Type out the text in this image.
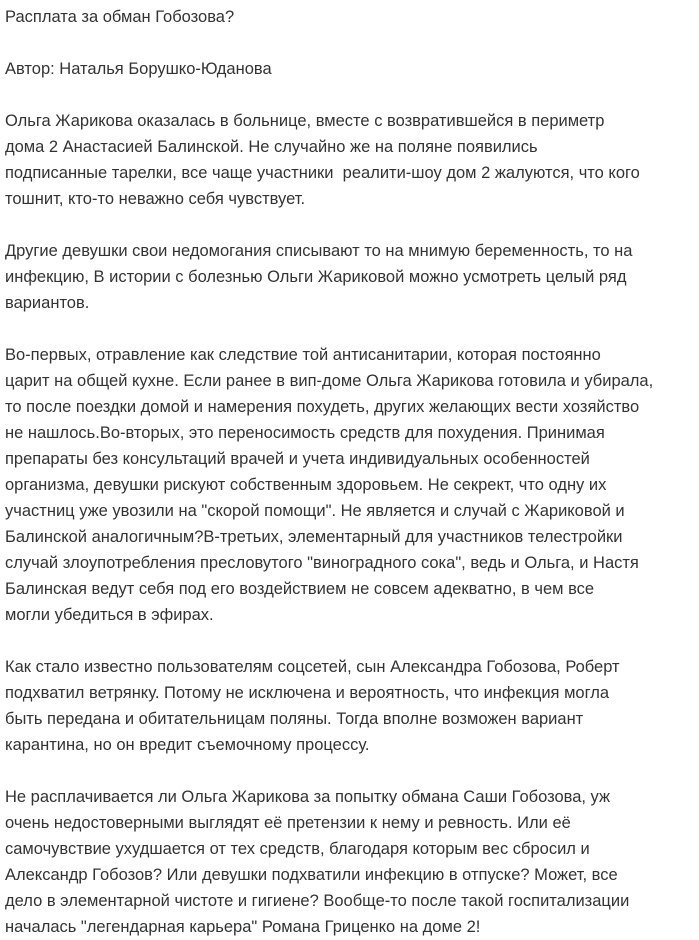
Расплата за обман Гобозова?
Автор: Наталья Борушко-Юданова
Ольга Жарикова оказалась в больнице, вместе с возвратившейся в периметр
дома 2 Анастасией Балинской. Не случайно же на поляне появились
подписанные тарелки, все чаще участники  реалити-шоу дом 2 жалуются, что кого
тошнит, кто-то неважно себя чувствует.
Другие девушки свои недомогания списывают то на мнимую беременность, то на
инфекцию, В истории с болезнью Ольги Жариковой можно усмотреть целый ряд
вариантов.
Во-первых, отравление как следствие той антисанитарии, которая постоянно
царит на общей кухне. Если ранее в вип-доме Ольга Жарикова готовила и убирала,
то после поездки домой и намерения похудеть, других желающих вести хозяйство
не нашлось.Во-вторых, это переносимость средств для похудения. Принимая
препараты без консультаций врачей и учета индивидуальных особенностей
организма, девушки рискуют собственным здоровьем. Не секрект, что одну их
участниц уже увозили на "скорой помощи". Не является и случай с Жариковой и
Балинской аналогичным?В-третьих, элементарный для участников телестройки
случай злоупотребления пресловутого "виноградного сока", ведь и Ольга, и Настя
Балинская ведут себя под его воздействием не совсем адекватно, в чем все
могли убедиться в эфирах.
Как стало известно пользователям соцсетей, сын Александра Гобозова, Роберт
подхватил ветрянку. Потому не исключена и вероятность, что инфекция могла
быть передана и обитательницам поляны. Тогда вполне возможен вариант
карантина, но он вредит съемочному процессу.
Не расплачивается ли Ольга Жарикова за попытку обмана Саши Гобозова, уж
очень недостоверными выглядят её претензии к нему и ревность. Или её
самочувствие ухудшается от тех средств, благодаря которым вес сбросил и
Александр Гобозов? Или девушки подхватили инфекцию в отпуске? Может, все
дело в элементарной чистоте и гигиене? Вообще-то после такой госпитализации
началась "легендарная карьера" Романа Гриценко на доме 2!
